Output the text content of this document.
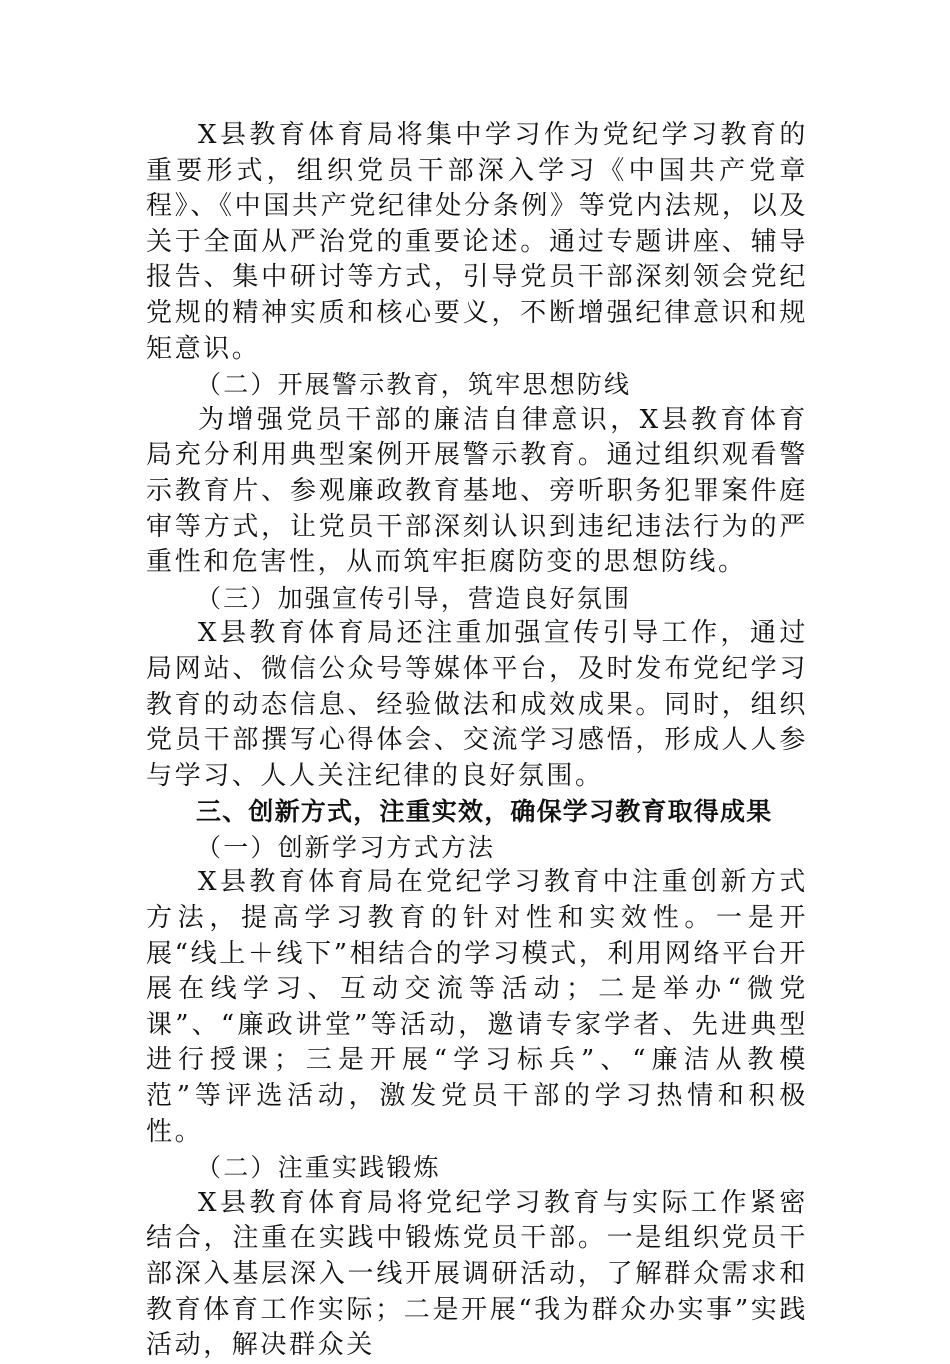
X县教育体育局将集中学习作为党纪学习教育的重要形式，组织党员干部深入学习《中国共产党章程》、《中国共产党纪律处分条例》等党内法规，以及关于全面从严治党的重要论述。通过专题讲座、辅导报告、集中研讨等方式，引导党员干部深刻领会党纪党规的精神实质和核心要义，不断增强纪律意识和规矩意识。

（二）开展警示教育，筑牢思想防线

为增强党员干部的廉洁自律意识，X县教育体育局充分利用典型案例开展警示教育。通过组织观看警示教育片、参观廉政教育基地、旁听职务犯罪案件庭审等方式，让党员干部深刻认识到违纪违法行为的严重性和危害性，从而筑牢拒腐防变的思想防线。

（三）加强宣传引导，营造良好氛围

X县教育体育局还注重加强宣传引导工作，通过局网站、微信公众号等媒体平台，及时发布党纪学习教育的动态信息、经验做法和成效成果。同时，组织党员干部撰写心得体会、交流学习感悟，形成人人参与学习、人人关注纪律的良好氛围。

三、创新方式，注重实效，确保学习教育取得成果

（一）创新学习方式方法

X县教育体育局在党纪学习教育中注重创新方式方法，提高学习教育的针对性和实效性。一是开展“线上＋线下”相结合的学习模式，利用网络平台开展在线学习、互动交流等活动；二是举办“微党课”、“廉政讲堂”等活动，邀请专家学者、先进典型进行授课；三是开展“学习标兵”、“廉洁从教模范”等评选活动，激发党员干部的学习热情和积极性。

（二）注重实践锻炼

X县教育体育局将党纪学习教育与实际工作紧密结合，注重在实践中锻炼党员干部。一是组织党员干部深入基层深入一线开展调研活动，了解群众需求和教育体育工作实际；二是开展“我为群众办实事”实践活动，解决群众关
